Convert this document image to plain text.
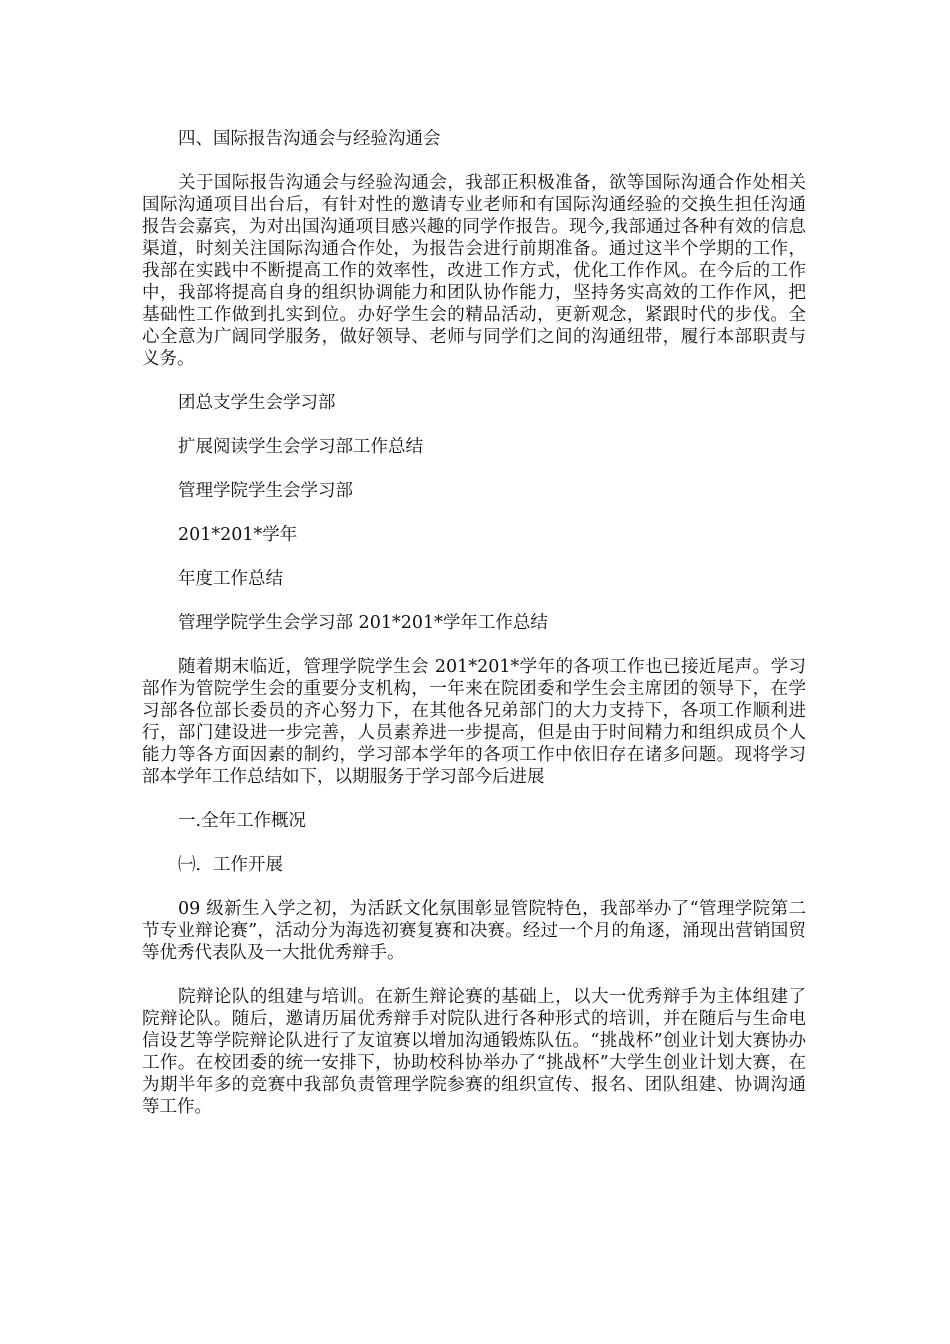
四、国际报告沟通会与经验沟通会

关于国际报告沟通会与经验沟通会，我部正积极准备，欲等国际沟通合作处相关国际沟通项目出台后，有针对性的邀请专业老师和有国际沟通经验的交换生担任沟通报告会嘉宾，为对出国沟通项目感兴趣的同学作报告。现今,我部通过各种有效的信息渠道，时刻关注国际沟通合作处，为报告会进行前期准备。通过这半个学期的工作，我部在实践中不断提高工作的效率性，改进工作方式，优化工作作风。在今后的工作中，我部将提高自身的组织协调能力和团队协作能力，坚持务实高效的工作作风，把基础性工作做到扎实到位。办好学生会的精品活动，更新观念，紧跟时代的步伐。全心全意为广阔同学服务，做好领导、老师与同学们之间的沟通纽带，履行本部职责与义务。

团总支学生会学习部

扩展阅读学生会学习部工作总结

管理学院学生会学习部

201*201*学年

年度工作总结

管理学院学生会学习部 201*201*学年工作总结

随着期末临近，管理学院学生会 201*201*学年的各项工作也已接近尾声。学习部作为管院学生会的重要分支机构，一年来在院团委和学生会主席团的领导下，在学习部各位部长委员的齐心努力下，在其他各兄弟部门的大力支持下，各项工作顺利进行，部门建设进一步完善，人员素养进一步提高，但是由于时间精力和组织成员个人能力等各方面因素的制约，学习部本学年的各项工作中依旧存在诸多问题。现将学习部本学年工作总结如下，以期服务于学习部今后进展

一.全年工作概况

㈠．工作开展

09 级新生入学之初，为活跃文化氛围彰显管院特色，我部举办了“管理学院第二节专业辩论赛”，活动分为海选初赛复赛和决赛。经过一个月的角逐，涌现出营销国贸等优秀代表队及一大批优秀辩手。

院辩论队的组建与培训。在新生辩论赛的基础上，以大一优秀辩手为主体组建了院辩论队。随后，邀请历届优秀辩手对院队进行各种形式的培训，并在随后与生命电信设艺等学院辩论队进行了友谊赛以增加沟通锻炼队伍。“挑战杯”创业计划大赛协办工作。在校团委的统一安排下，协助校科协举办了“挑战杯”大学生创业计划大赛，在为期半年多的竞赛中我部负责管理学院参赛的组织宣传、报名、团队组建、协调沟通等工作。
